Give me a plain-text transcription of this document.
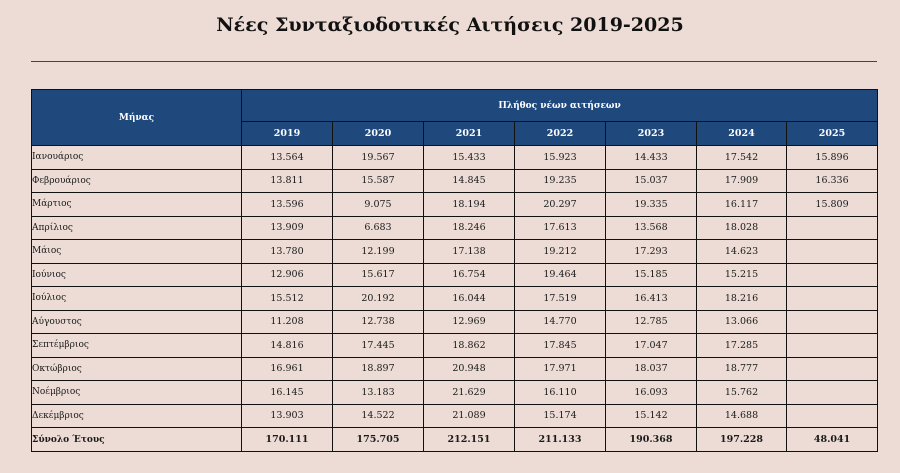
Νέες Συνταξιοδοτικές Αιτήσεις 2019-2025
Μήνας	Πλήθος νέων αιτήσεων						
	2019	2020	2021	2022	2023	2024	2025
Ιανουάριος	13.564	19.567	15.433	15.923	14.433	17.542	15.896
Φεβρουάριος	13.811	15.587	14.845	19.235	15.037	17.909	16.336
Μάρτιος	13.596	9.075	18.194	20.297	19.335	16.117	15.809
Απρίλιος	13.909	6.683	18.246	17.613	13.568	18.028	
Μάιος	13.780	12.199	17.138	19.212	17.293	14.623	
Ιούνιος	12.906	15.617	16.754	19.464	15.185	15.215	
Ιούλιος	15.512	20.192	16.044	17.519	16.413	18.216	
Αύγουστος	11.208	12.738	12.969	14.770	12.785	13.066	
Σεπτέμβριος	14.816	17.445	18.862	17.845	17.047	17.285	
Οκτώβριος	16.961	18.897	20.948	17.971	18.037	18.777	
Νοέμβριος	16.145	13.183	21.629	16.110	16.093	15.762	
Δεκέμβριος	13.903	14.522	21.089	15.174	15.142	14.688	
Σύνολο Έτους	170.111	175.705	212.151	211.133	190.368	197.228	48.041
